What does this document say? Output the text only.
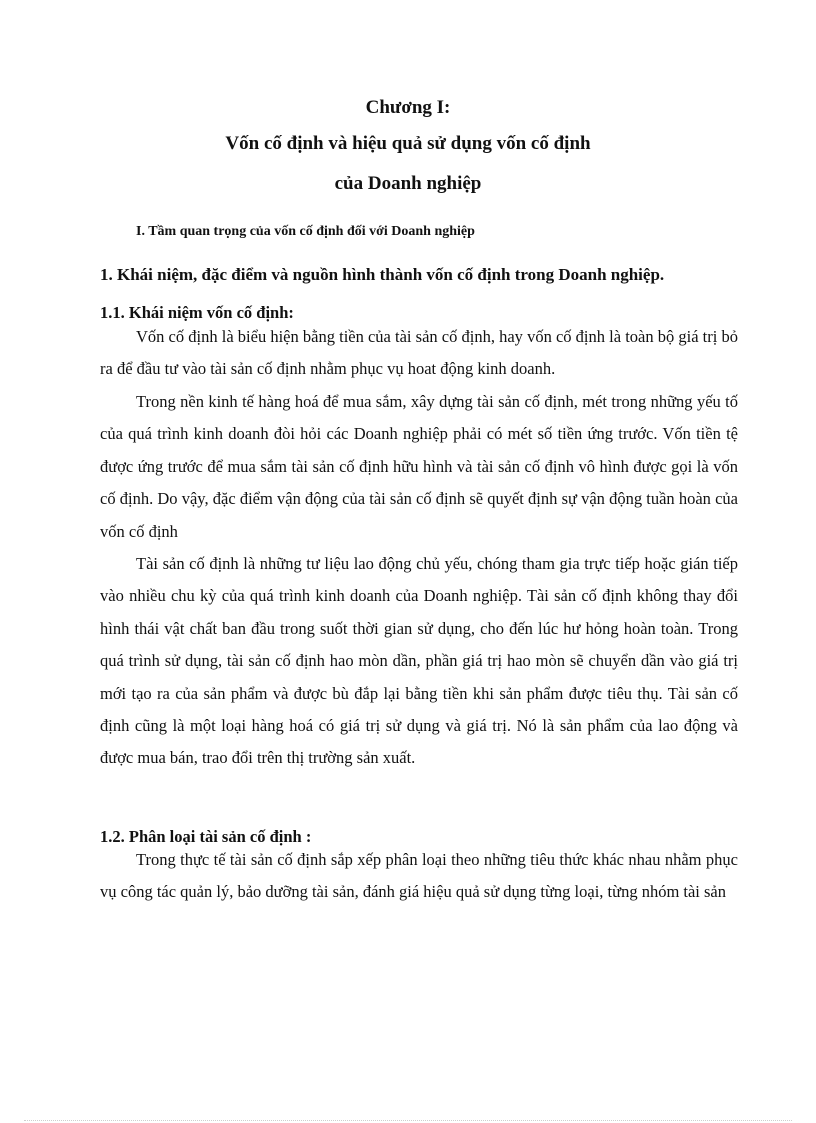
Chương I:
Vốn cố định và hiệu quả sử dụng vốn cố định
của Doanh nghiệp

I. Tầm quan trọng của vốn cố định đối với Doanh nghiệp

1. Khái niệm, đặc điểm và nguồn hình thành vốn cố định trong Doanh nghiệp.
1.1. Khái niệm vốn cố định:

Vốn cố định là biểu hiện bằng tiền của tài sản cố định, hay vốn cố định là toàn bộ giá trị bỏ ra để đầu tư vào tài sản cố định nhằm phục vụ hoat động kinh doanh.

Trong nền kinh tế hàng hoá để mua sắm, xây dựng tài sản cố định, mét trong những yếu tố của quá trình kinh doanh đòi hỏi các Doanh nghiệp phải có mét số tiền ứng trước. Vốn tiền tệ được ứng trước để mua sắm tài sản cố định hữu hình và tài sản cố định vô hình được gọi là vốn cố định. Do vậy, đặc điểm vận động của tài sản cố định sẽ quyết định sự vận động tuần hoàn của vốn cố định

Tài sản cố định là những tư liệu lao động chủ yếu, chóng tham gia trực tiếp hoặc gián tiếp vào nhiều chu kỳ của quá trình kinh doanh của Doanh nghiệp. Tài sản cố định không thay đổi hình thái vật chất ban đầu trong suốt thời gian sử dụng, cho đến lúc hư hỏng hoàn toàn. Trong quá trình sử dụng, tài sản cố định hao mòn dần, phần giá trị hao mòn sẽ chuyển dần vào giá trị mới tạo ra của sản phẩm và được bù đắp lại bằng tiền khi sản phẩm được tiêu thụ. Tài sản cố định cũng là một loại hàng hoá có giá trị sử dụng và giá trị. Nó là sản phẩm của lao động và được mua bán, trao đổi trên thị trường sản xuất.

1.2. Phân loại tài sản cố định :

Trong thực tế tài sản cố định sắp xếp phân loại theo những tiêu thức khác nhau nhằm phục vụ công tác quản lý, bảo dưỡng tài sản, đánh giá hiệu quả sử dụng từng loại, từng nhóm tài sản
